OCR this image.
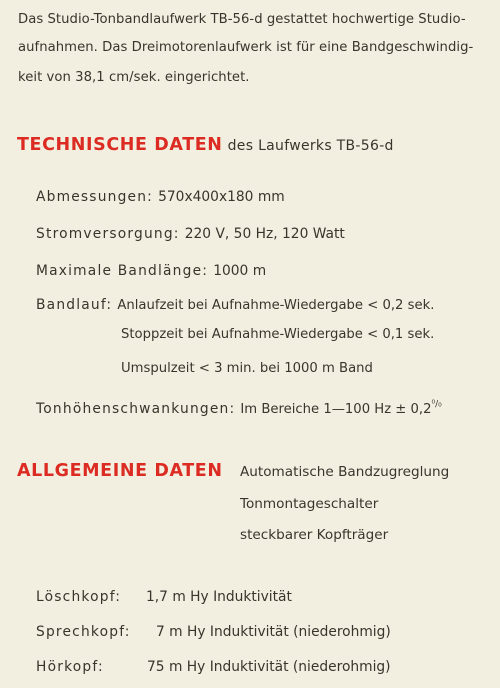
Das Studio-Tonbandlaufwerk TB-56-d gestattet hochwertige Studio-
aufnahmen. Das Dreimotorenlaufwerk ist für eine Bandgeschwindig-
keit von 38,1 cm/sek. eingerichtet.
TECHNISCHE DATEN des Laufwerks TB-56-d
Abmessungen: 570x400x180 mm
Stromversorgung: 220 V, 50 Hz, 120 Watt
Maximale Bandlänge: 1000 m
Bandlauf: Anlaufzeit bei Aufnahme-Wiedergabe < 0,2 sek.
Stoppzeit bei Aufnahme-Wiedergabe < 0,1 sek.
Umspulzeit < 3 min. bei 1000 m Band
Tonhöhenschwankungen: Im Bereiche 1—100 $Hz \pm 0,2^{^0/_0}$
ALLGEMEINE DATEN Automatische Bandzugreglung
Tonmontageschalter
steckbarer Kopfträger
Löschkopf: 1,7 m Hy Induktivität
Sprechkopf: 7 m Hy Induktivität (niederohmig)
Hörkopf:	75 m Hy Induktivität (niederohmig)
